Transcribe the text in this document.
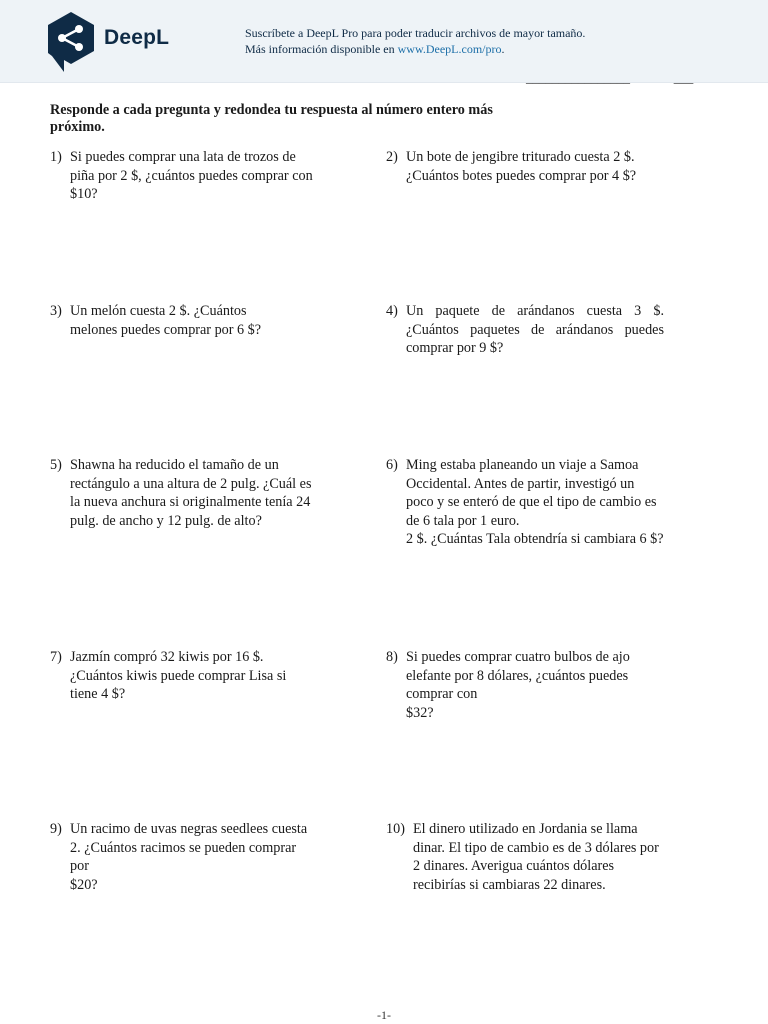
DeepL	Suscríbete a DeepL Pro para poder traducir archivos de mayor tamaño.
Más información disponible en www.DeepL.com/pro.

Responde a cada pregunta y redondea tu respuesta al número entero más próximo.

1) Si puedes comprar una lata de trozos de
piña por 2 $, ¿cuántos puedes comprar con
$10?
2) Un bote de jengibre triturado cuesta 2 $.
¿Cuántos botes puedes comprar por 4 $?
3) Un melón cuesta 2 $. ¿Cuántos
melones puedes comprar por 6 $?
4) Un paquete de arándanos cuesta 3 $.
¿Cuántos paquetes de arándanos puedes
comprar por 9 $?
5) Shawna ha reducido el tamaño de un
rectángulo a una altura de 2 pulg. ¿Cuál es
la nueva anchura si originalmente tenía 24
pulg. de ancho y 12 pulg. de alto?
6) Ming estaba planeando un viaje a Samoa
Occidental. Antes de partir, investigó un
poco y se enteró de que el tipo de cambio es
de 6 tala por 1 euro.
2 $. ¿Cuántas Tala obtendría si cambiara 6 $?
7) Jazmín compró 32 kiwis por 16 $.
¿Cuántos kiwis puede comprar Lisa si
tiene 4 $?
8) Si puedes comprar cuatro bulbos de ajo
elefante por 8 dólares, ¿cuántos puedes
comprar con
$32?
9) Un racimo de uvas negras seedlees cuesta
2. ¿Cuántos racimos se pueden comprar
por
$20?
10) El dinero utilizado en Jordania se llama
dinar. El tipo de cambio es de 3 dólares por
2 dinares. Averigua cuántos dólares
recibirías si cambiaras 22 dinares.
-1-
